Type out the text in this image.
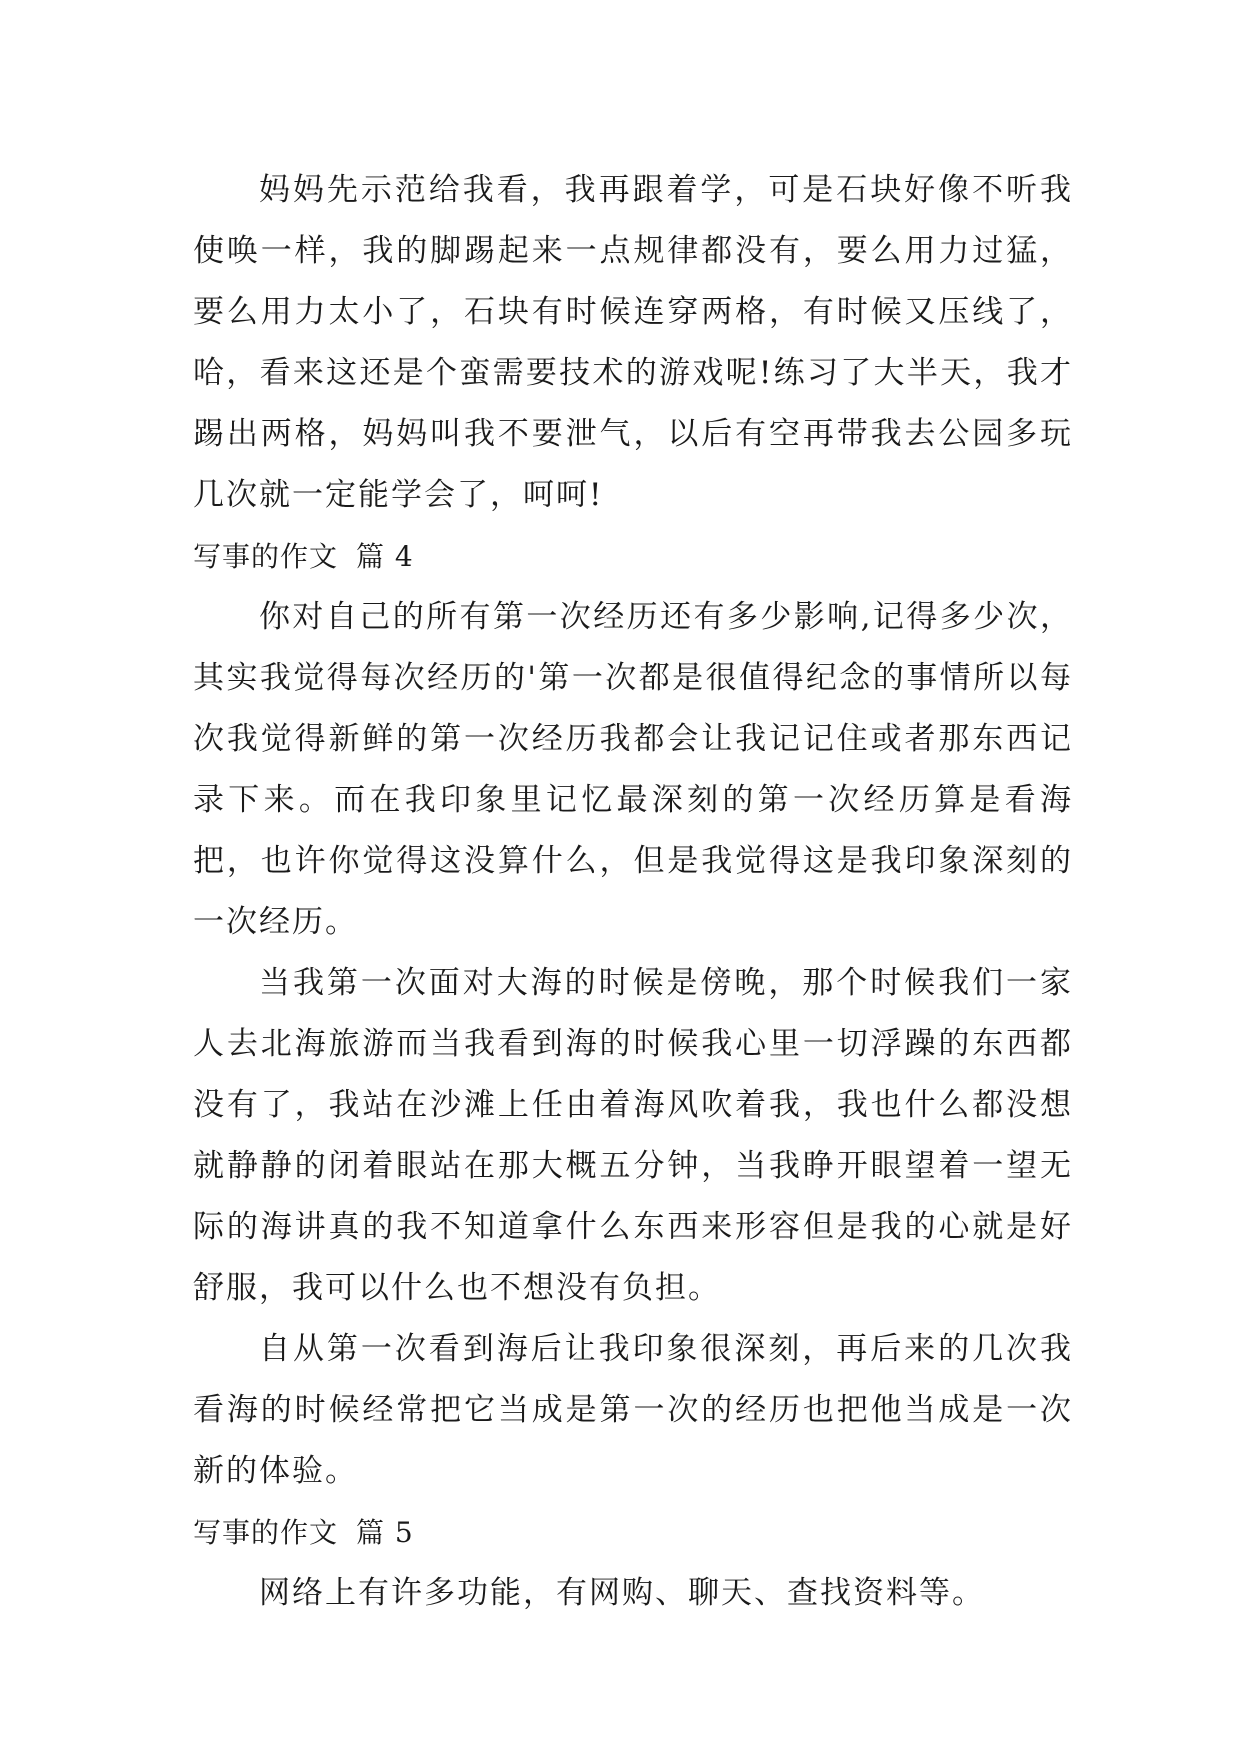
妈妈先示范给我看，我再跟着学，可是石块好像不听我使唤一样，我的脚踢起来一点规律都没有，要么用力过猛，要么用力太小了，石块有时候连穿两格，有时候又压线了，哈，看来这还是个蛮需要技术的游戏呢!练习了大半天，我才踢出两格，妈妈叫我不要泄气，以后有空再带我去公园多玩几次就一定能学会了，呵呵!

写事的作文 篇 4

你对自己的所有第一次经历还有多少影响,记得多少次，其实我觉得每次经历的'第一次都是很值得纪念的事情所以每次我觉得新鲜的第一次经历我都会让我记记住或者那东西记录下来。而在我印象里记忆最深刻的第一次经历算是看海把，也许你觉得这没算什么，但是我觉得这是我印象深刻的一次经历。

当我第一次面对大海的时候是傍晚，那个时候我们一家人去北海旅游而当我看到海的时候我心里一切浮躁的东西都没有了，我站在沙滩上任由着海风吹着我，我也什么都没想就静静的闭着眼站在那大概五分钟，当我睁开眼望着一望无际的海讲真的我不知道拿什么东西来形容但是我的心就是好舒服，我可以什么也不想没有负担。

自从第一次看到海后让我印象很深刻，再后来的几次我看海的时候经常把它当成是第一次的经历也把他当成是一次新的体验。

写事的作文 篇 5

网络上有许多功能，有网购、聊天、查找资料等。
